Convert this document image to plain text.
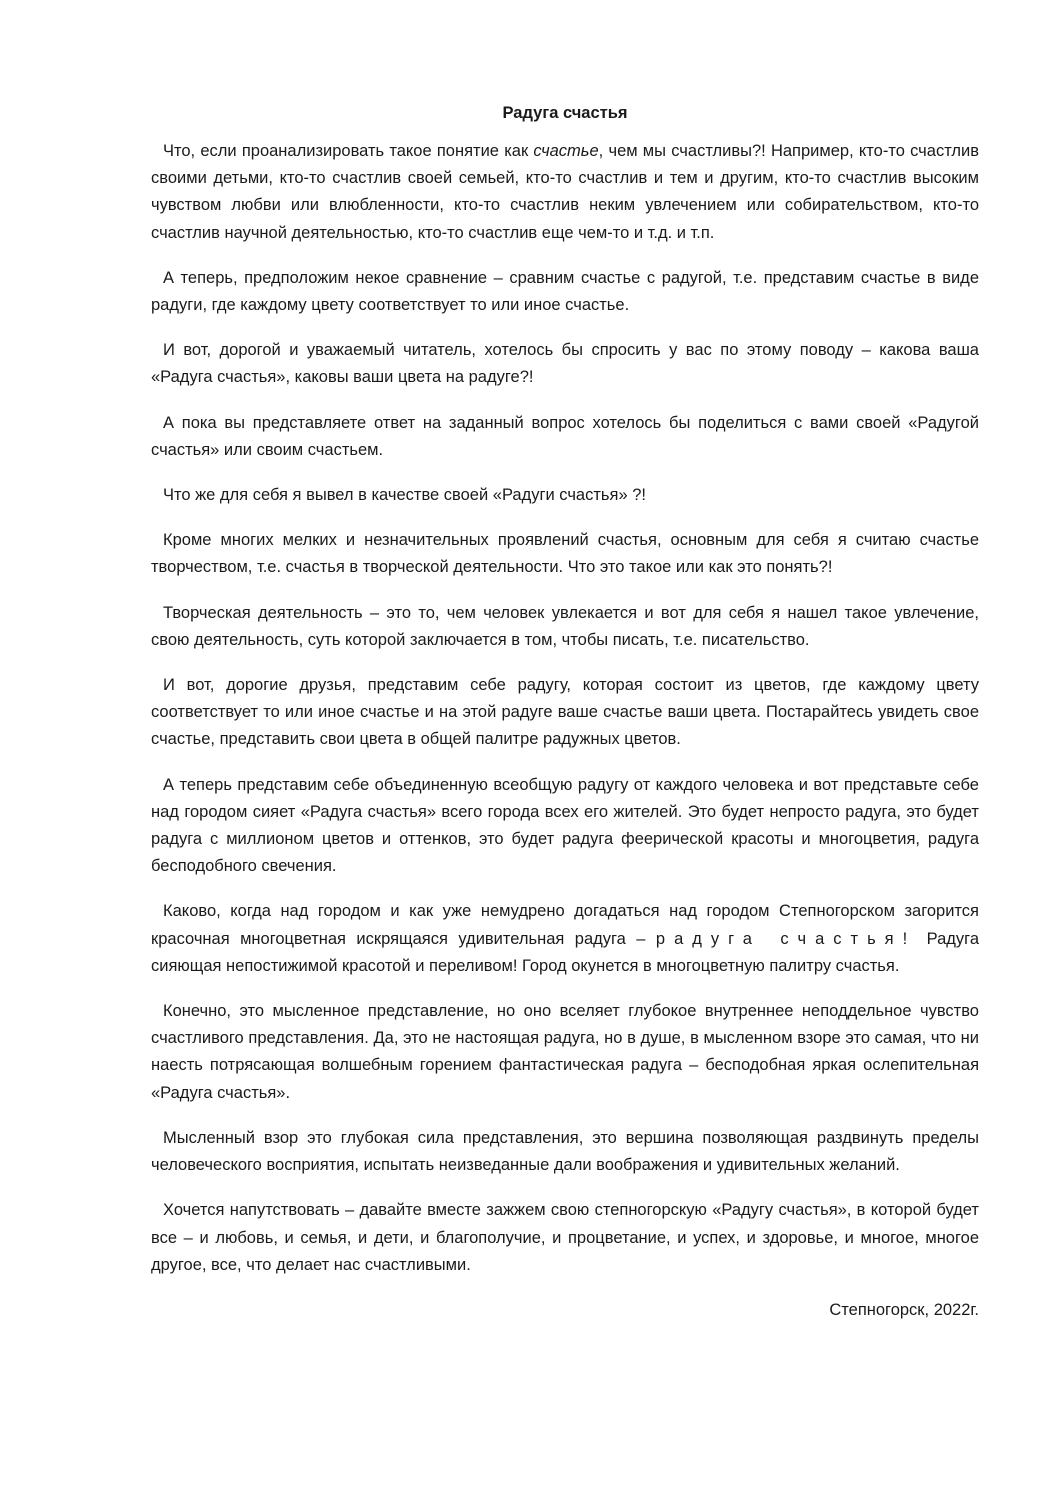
Радуга счастья

Что, если проанализировать такое понятие как счастье, чем мы счастливы?! Например, кто-то счастлив своими детьми, кто-то счастлив своей семьей, кто-то счастлив и тем и другим, кто-то счастлив высоким чувством любви или влюбленности, кто-то счастлив неким увлечением или собирательством, кто-то счастлив научной деятельностью, кто-то счастлив еще чем-то и т.д. и т.п.

А теперь, предположим некое сравнение – сравним счастье с радугой, т.е. представим счастье в виде радуги, где каждому цвету соответствует то или иное счастье.

И вот, дорогой и уважаемый читатель, хотелось бы спросить у вас по этому поводу – какова ваша «Радуга счастья», каковы ваши цвета на радуге?!

А пока вы представляете ответ на заданный вопрос хотелось бы поделиться с вами своей «Радугой счастья» или своим счастьем.

Что же для себя я вывел в качестве своей «Радуги счастья» ?!

Кроме многих мелких и незначительных проявлений счастья, основным для себя я считаю счастье творчеством, т.е. счастья в творческой деятельности. Что это такое или как это понять?!

Творческая деятельность – это то, чем человек увлекается и вот для себя я нашел такое увлечение, свою деятельность, суть которой заключается в том, чтобы писать, т.е. писательство.

И вот, дорогие друзья, представим себе радугу, которая состоит из цветов, где каждому цвету соответствует то или иное счастье и на этой радуге ваше счастье ваши цвета. Постарайтесь увидеть свое счастье, представить свои цвета в общей палитре радужных цветов.

А теперь представим себе объединенную всеобщую радугу от каждого человека и вот представьте себе над городом сияет «Радуга счастья» всего города всех его жителей. Это будет непросто радуга, это будет радуга с миллионом цветов и оттенков, это будет радуга феерической красоты и многоцветия, радуга бесподобного свечения.

Каково, когда над городом и как уже немудрено догадаться над городом Степногорском загорится красочная многоцветная искрящаяся удивительная радуга – радуга счастья! Радуга сияющая непостижимой красотой и переливом! Город окунется в многоцветную палитру счастья.

Конечно, это мысленное представление, но оно вселяет глубокое внутреннее неподдельное чувство счастливого представления. Да, это не настоящая радуга, но в душе, в мысленном взоре это самая, что ни наесть потрясающая волшебным горением фантастическая радуга – бесподобная яркая ослепительная «Радуга счастья».

Мысленный взор это глубокая сила представления, это вершина позволяющая раздвинуть пределы человеческого восприятия, испытать неизведанные дали воображения и удивительных желаний.

Хочется напутствовать – давайте вместе зажжем свою степногорскую «Радугу счастья», в которой будет все – и любовь, и семья, и дети, и благополучие, и процветание, и успех, и здоровье, и многое, многое другое, все, что делает нас счастливыми.

Степногорск, 2022г.
